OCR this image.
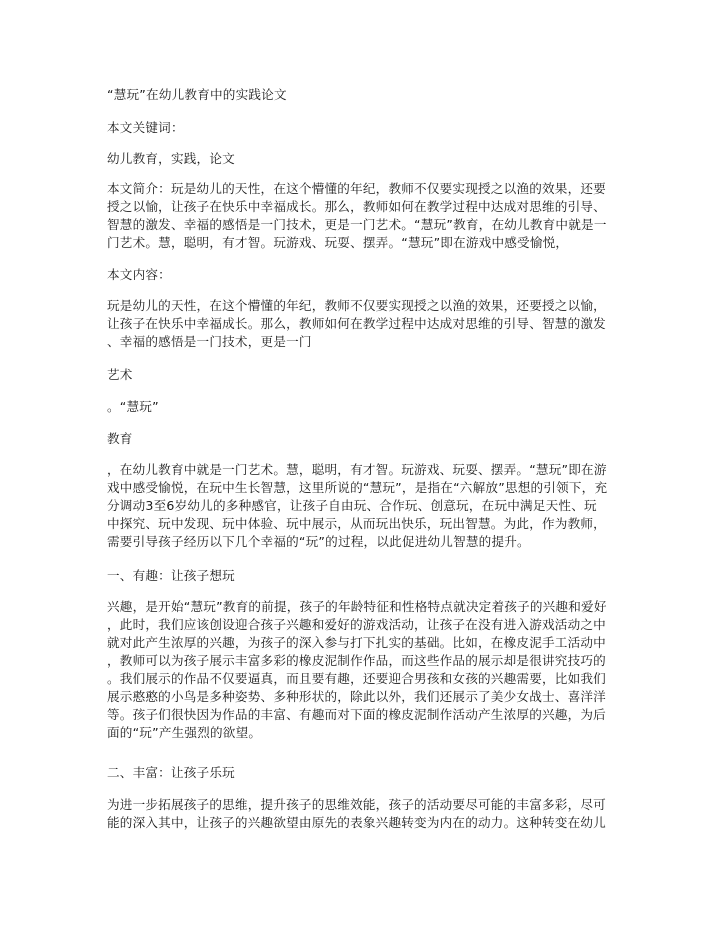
“慧玩”在幼儿教育中的实践论文
本文关键词：
幼儿教育，实践，论文

本文简介：玩是幼儿的天性，在这个懵懂的年纪，教师不仅要实现授之以渔的效果，还要

授之以愉，让孩子在快乐中幸福成长。那么，教师如何在教学过程中达成对思维的引导、

智慧的激发、幸福的感悟是一门技术，更是一门艺术。“慧玩”教育，在幼儿教育中就是一

门艺术。慧，聪明，有才智。玩游戏、玩耍、摆弄。“慧玩”即在游戏中感受愉悦，

本文内容：

玩是幼儿的天性，在这个懵懂的年纪，教师不仅要实现授之以渔的效果，还要授之以愉，

让孩子在快乐中幸福成长。那么，教师如何在教学过程中达成对思维的引导、智慧的激发

、幸福的感悟是一门技术，更是一门

艺术
。“慧玩”
教育

，在幼儿教育中就是一门艺术。慧，聪明，有才智。玩游戏、玩耍、摆弄。“慧玩”即在游

戏中感受愉悦，在玩中生长智慧，这里所说的“慧玩”，是指在“六解放”思想的引领下，充

分调动3至6岁幼儿的多种感官，让孩子自由玩、合作玩、创意玩，在玩中满足天性、玩

中探究、玩中发现、玩中体验、玩中展示，从而玩出快乐，玩出智慧。为此，作为教师，

需要引导孩子经历以下几个幸福的“玩”的过程，以此促进幼儿智慧的提升。

一、有趣：让孩子想玩

兴趣，是开始“慧玩”教育的前提，孩子的年龄特征和性格特点就决定着孩子的兴趣和爱好

，此时，我们应该创设迎合孩子兴趣和爱好的游戏活动，让孩子在没有进入游戏活动之中

就对此产生浓厚的兴趣，为孩子的深入参与打下扎实的基础。比如，在橡皮泥手工活动中

，教师可以为孩子展示丰富多彩的橡皮泥制作作品，而这些作品的展示却是很讲究技巧的

。我们展示的作品不仅要逼真，而且要有趣，还要迎合男孩和女孩的兴趣需要，比如我们

展示憨憨的小鸟是多种姿势、多种形状的，除此以外，我们还展示了美少女战士、喜洋洋

等。孩子们很快因为作品的丰富、有趣而对下面的橡皮泥制作活动产生浓厚的兴趣，为后

面的“玩”产生强烈的欲望。

二、丰富：让孩子乐玩

为进一步拓展孩子的思维，提升孩子的思维效能，孩子的活动要尽可能的丰富多彩，尽可

能的深入其中，让孩子的兴趣欲望由原先的表象兴趣转变为内在的动力。这种转变在幼儿
